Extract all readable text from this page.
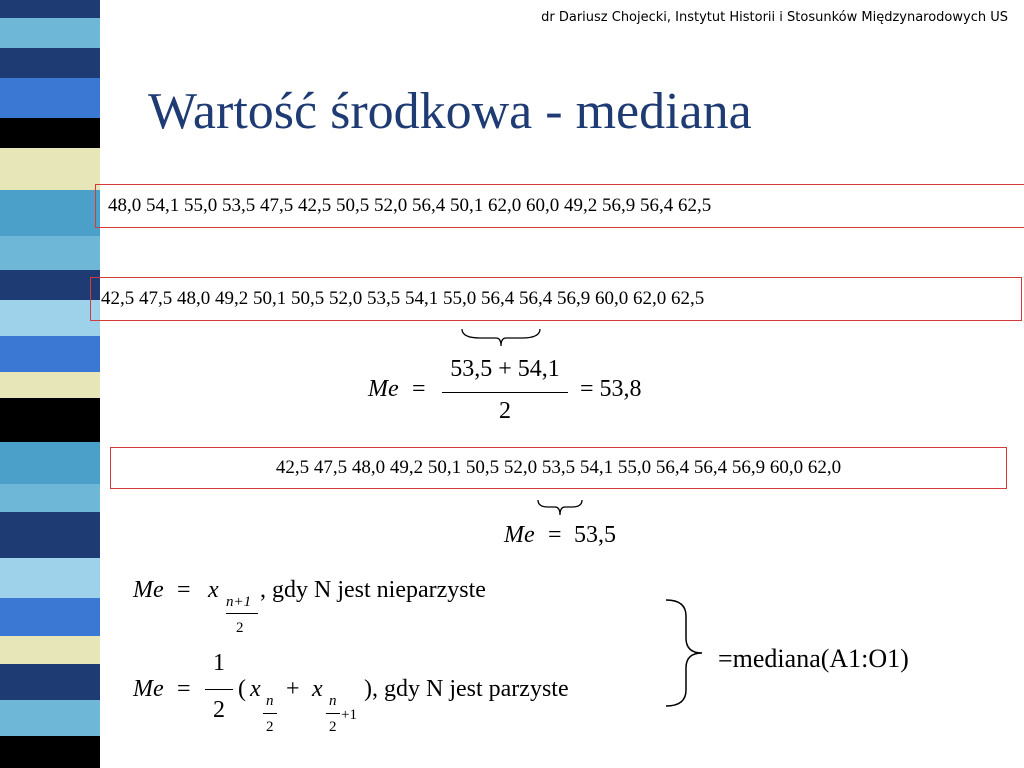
dr Dariusz Chojecki, Instytut Historii i Stosunków Międzynarodowych US
Wartość środkowa - mediana
48,0 54,1 55,0 53,5 47,5 42,5 50,5 52,0 56,4 50,1 62,0 60,0 49,2 56,9 56,4 62,5
42,5 47,5 48,0 49,2 50,1 50,5 52,0 53,5 54,1 55,0 56,4 56,4 56,9 60,0 62,0 62,5
Me =
53,5 + 54,1
2
= 53,8
42,5 47,5 48,0 49,2 50,1 50,5 52,0 53,5 54,1 55,0 56,4 56,4 56,9 60,0 62,0
Me = 53,5
Me = x n+1
2
, gdy N jest nieparzyste
Me =
1
2
( x n
2
+ x n
2
+1
), gdy N jest parzyste
=mediana(A1:O1)
